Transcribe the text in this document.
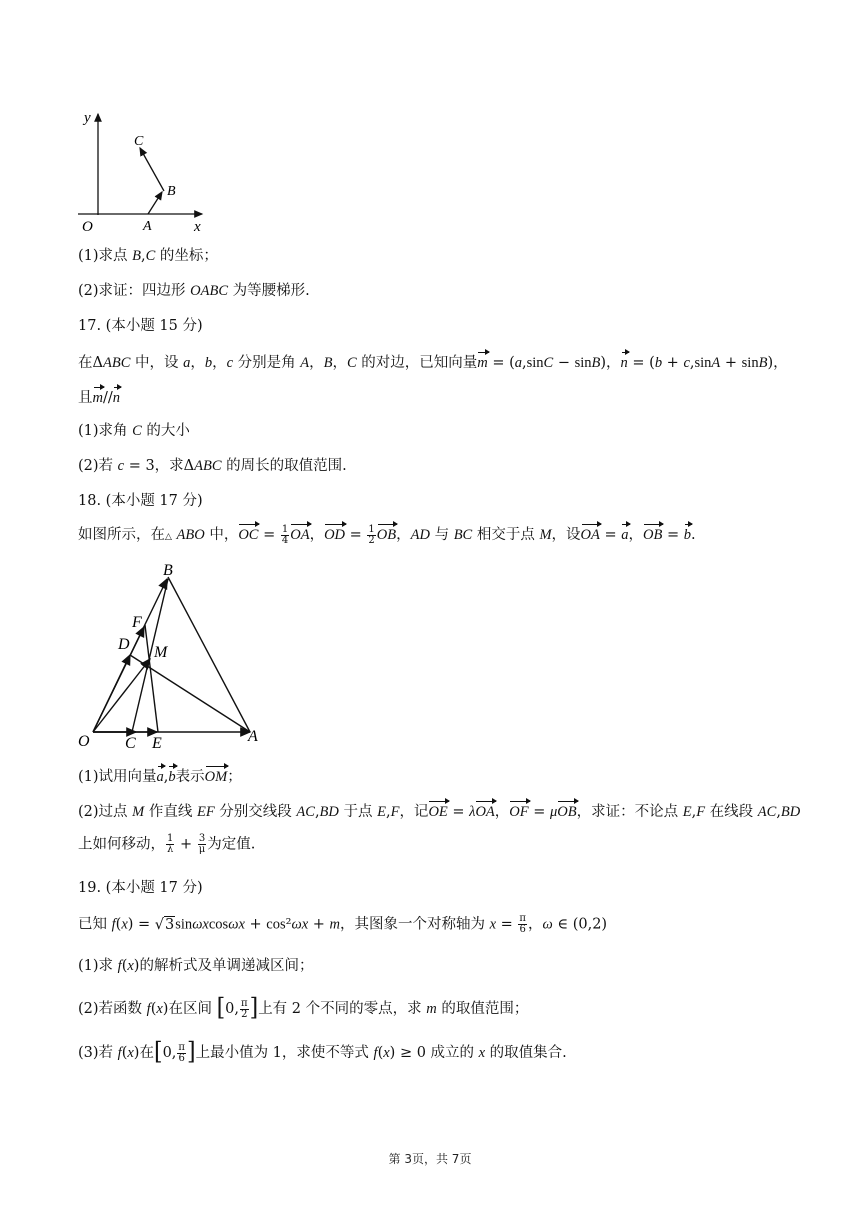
y
x
O	A
B
C
(1)求点 B,C 的坐标；
(2)求证：四边形 OABC 为等腰梯形.
17. (本小题 15 分)
在ΔABC 中，设 a，b，c 分别是角 A，B，C 的对边，已知向量m = (a,sinC − sinB)，n = (b + c,sinA + sinB)，
且m//n
(1)求角 C 的大小
(2)若 c = 3，求ΔABC 的周长的取值范围.
18. (本小题 17 分)
如图所示，在△ ABO 中，OC = $\frac{1}{4}$ OA，OD = $\frac{1}{2}$ OB，AD 与 BC 相交于点 M，设OA = a，OB = b.
B
F
D M
O C E	A
(1)试用向量a,b表示OM；
(2)过点 M 作直线 EF 分别交线段 AC,BD 于点 E,F，记OE = λOA，OF = μOB，求证：不论点 E,F 在线段 AC,BD
上如何移动， $\frac{1}{\lambda} + \frac{3}{\mu}$ 为定值.
19. (本小题 17 分)
已知 f(x) = √3sinωxcosωx + cos²ωx + m，其图象一个对称轴为 $x = \frac{\pi}{6}$ ，ω ∈ (0,2)
(1)求 f(x)的解析式及单调递减区间；
(2)若函数 f(x)在区间 [0, $\frac{\pi}{2}$ ]上有 2 个不同的零点，求 m 的取值范围；
(3)若 f(x)在[0, $\frac{\pi}{6}$ ]上最小值为 1，求使不等式 f(x) ≥ 0 成立的 x 的取值集合.
第 3页，共 7页
